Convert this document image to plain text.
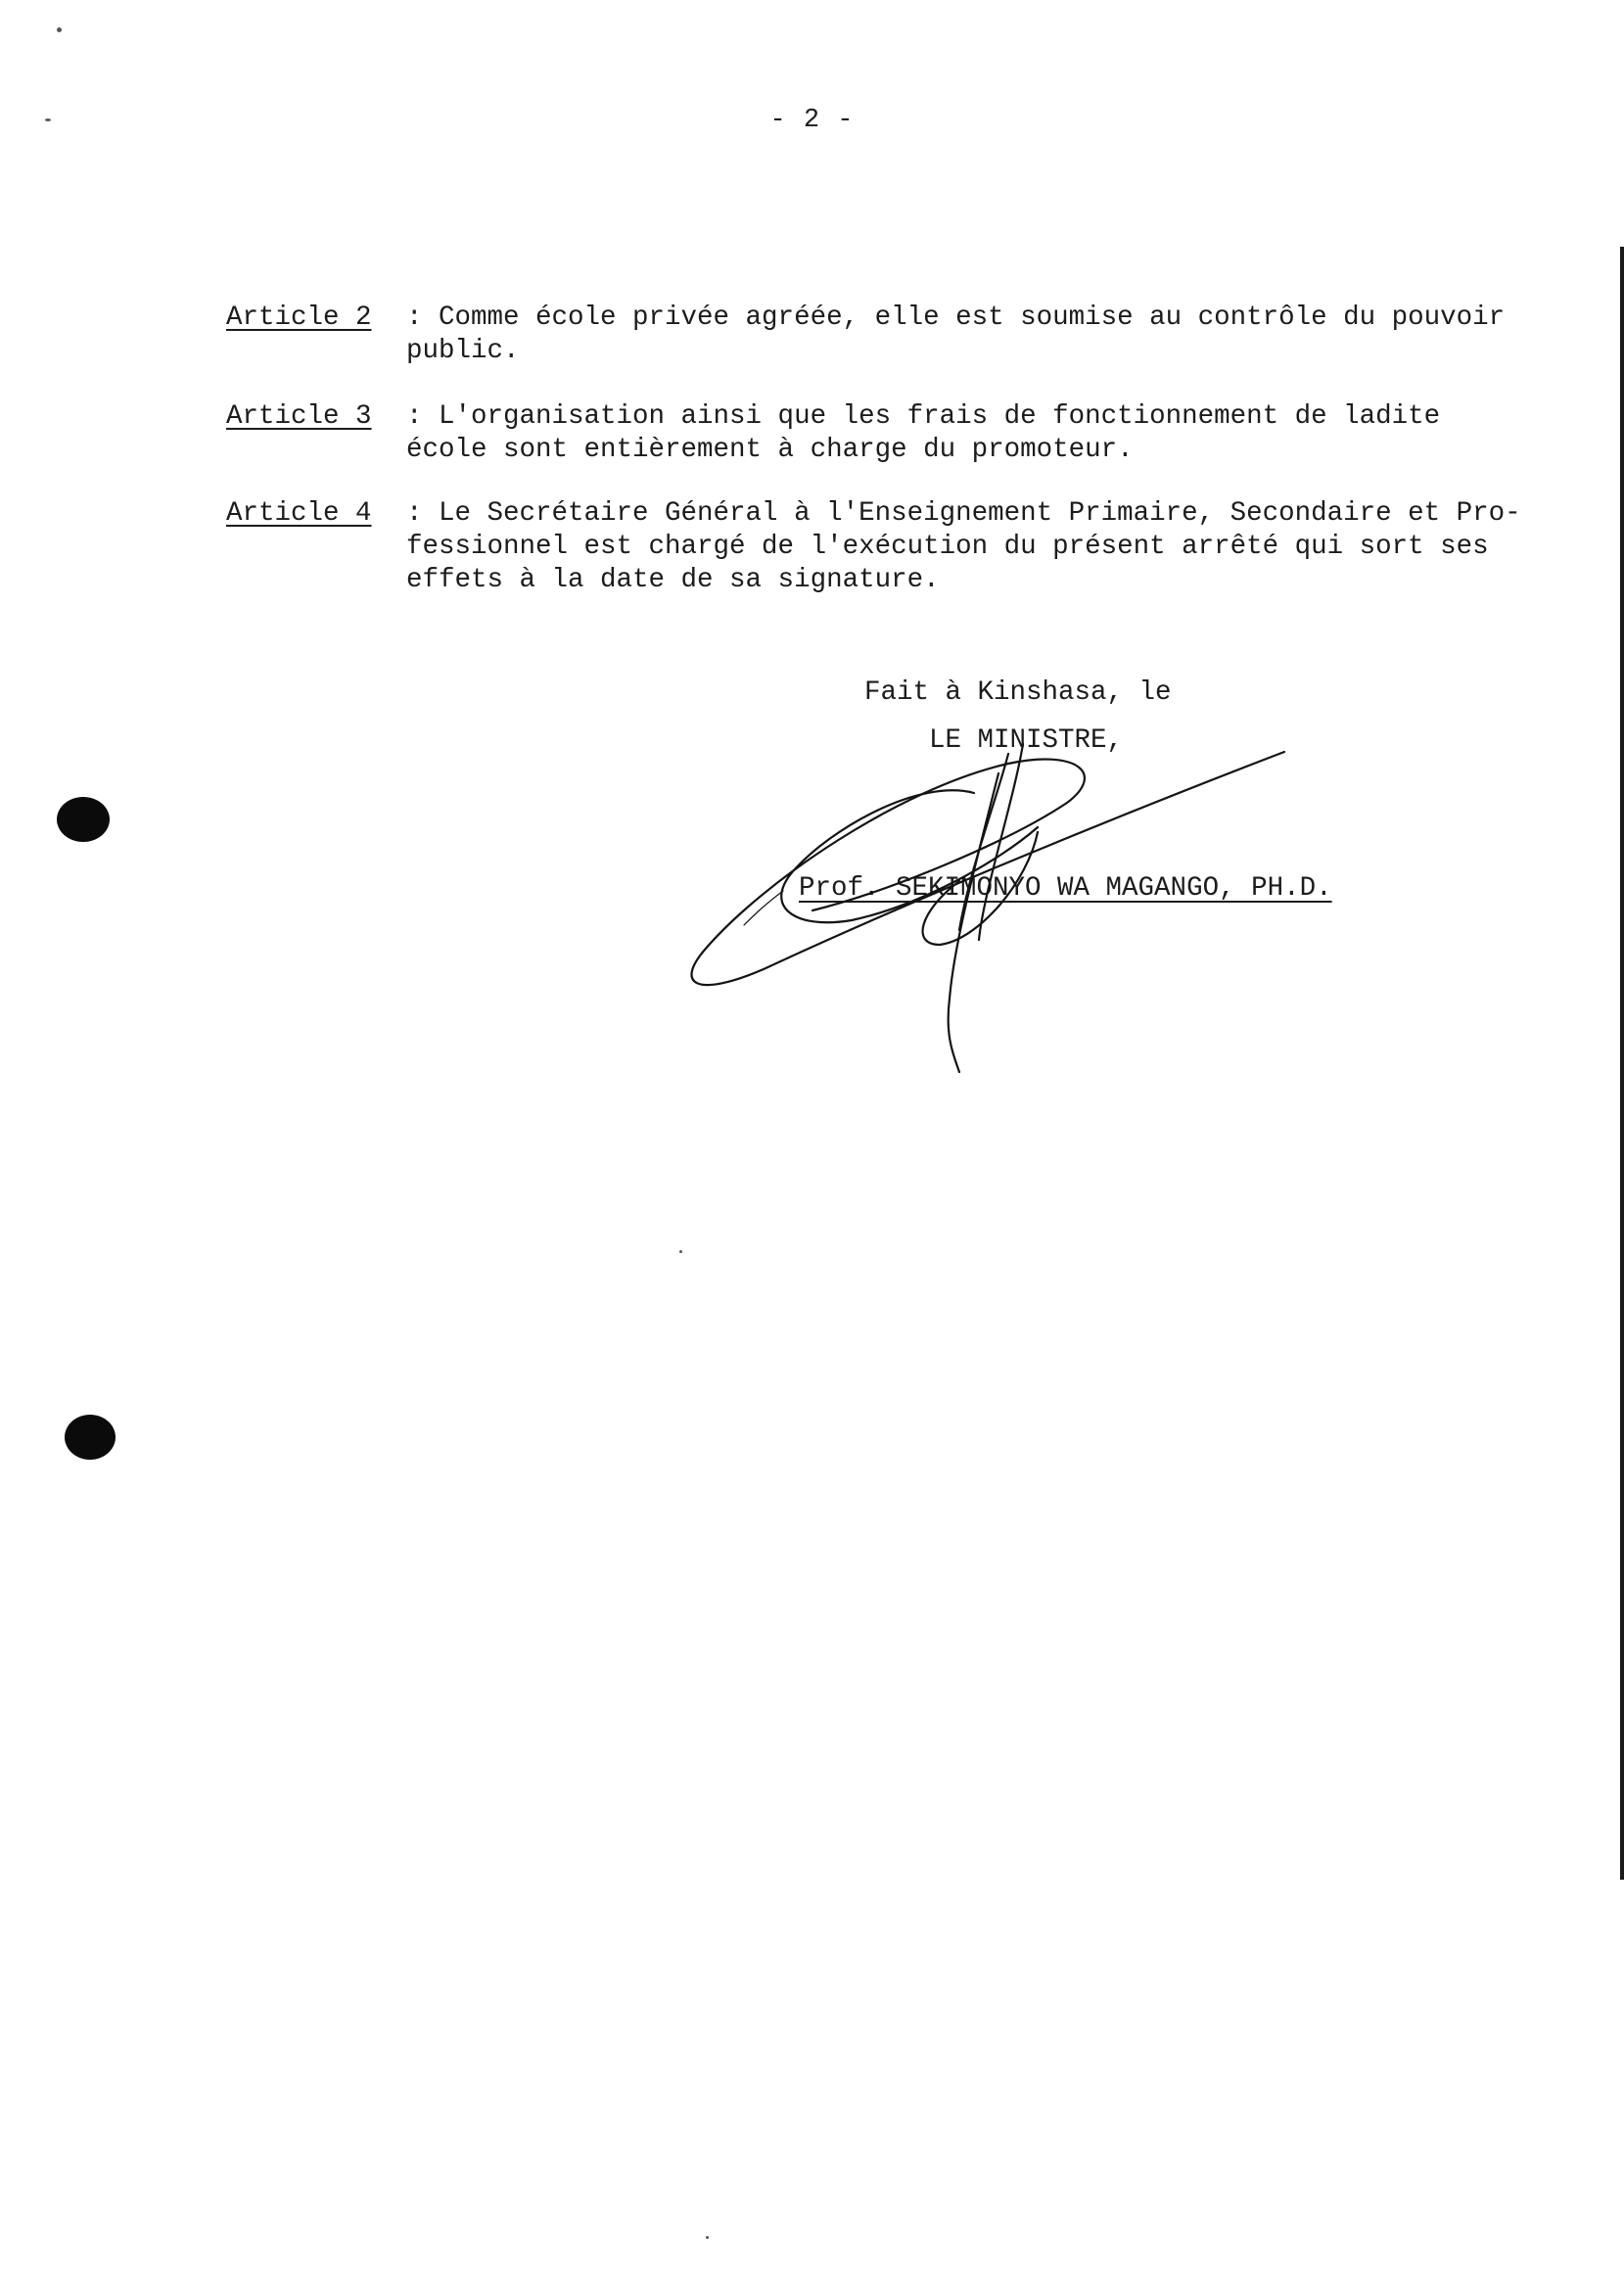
- 2 -
Article 2 : Comme école privée agréée, elle est soumise au contrôle du pouvoir
public.
Article 3 : L'organisation ainsi que les frais de fonctionnement de ladite
école sont entièrement à charge du promoteur.
Article 4 : Le Secrétaire Général à l'Enseignement Primaire, Secondaire et Pro-
fessionnel est chargé de l'exécution du présent arrêté qui sort ses
effets à la date de sa signature.
Fait à Kinshasa, le
LE MINISTRE,
Prof. SEKIMONYO WA MAGANGO, PH.D.
